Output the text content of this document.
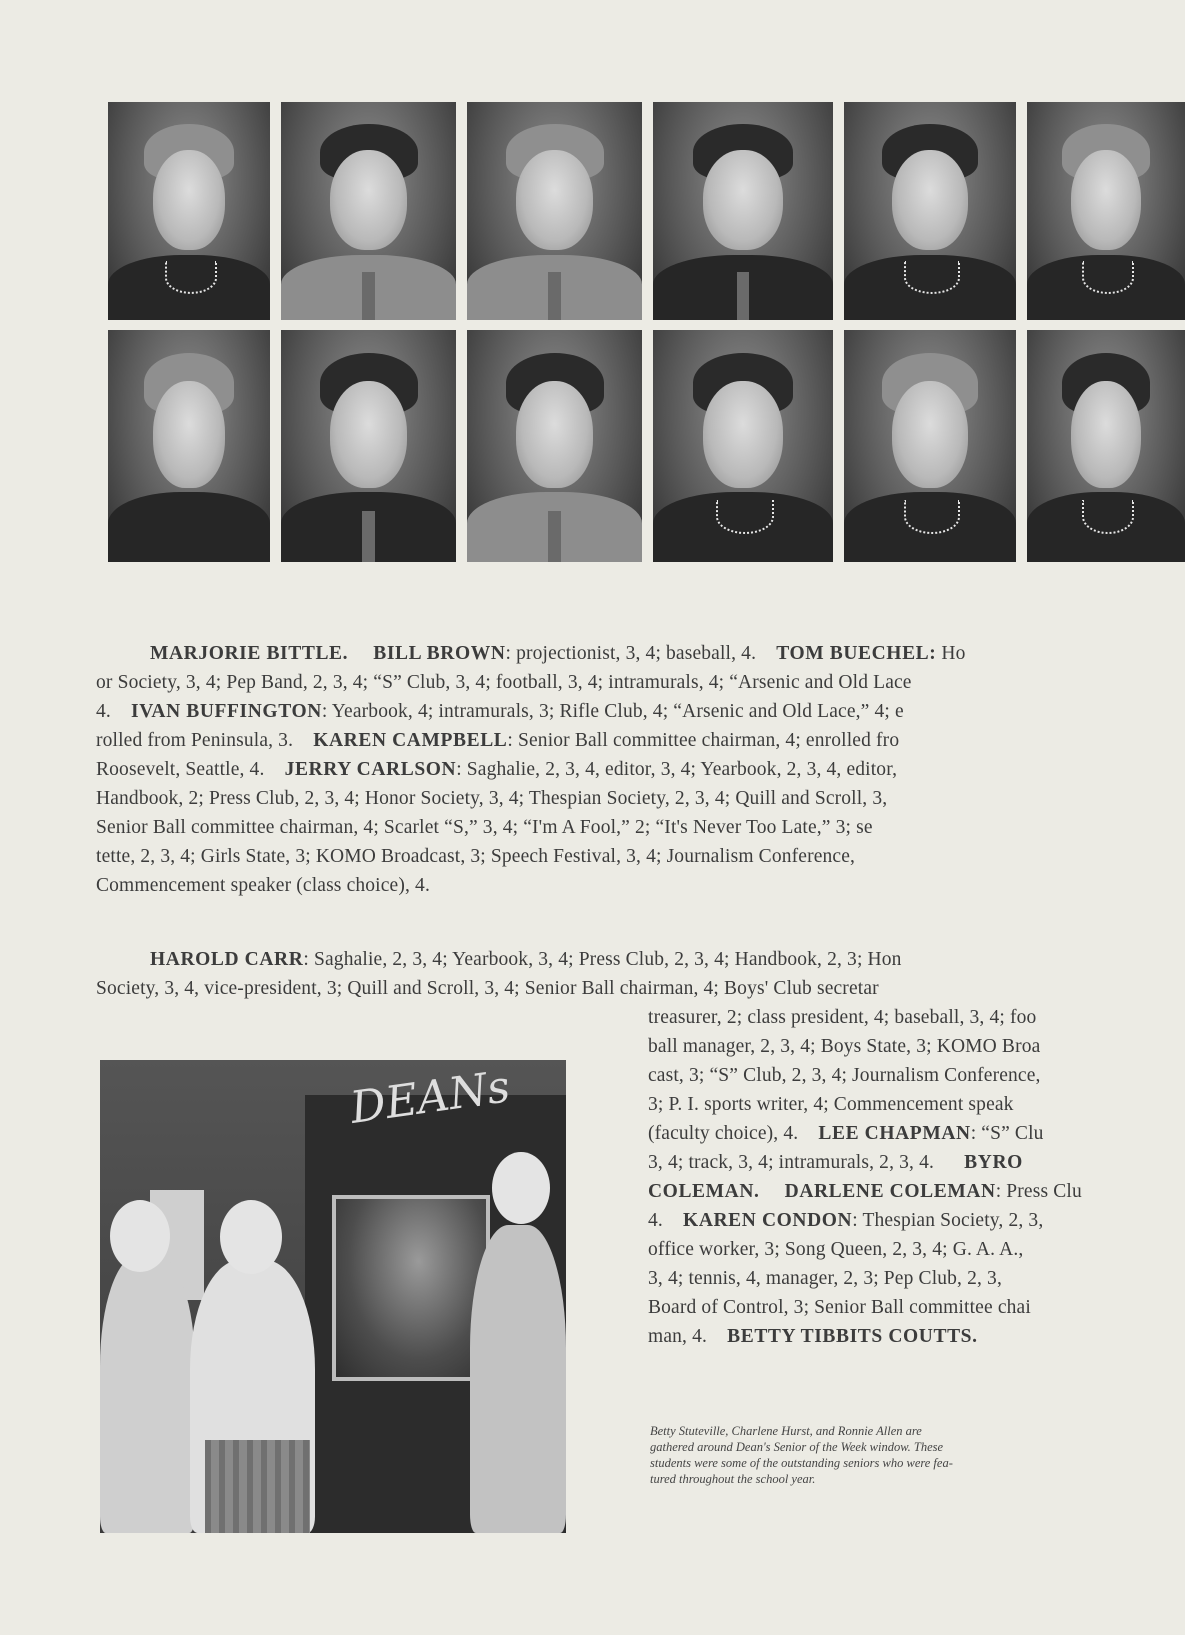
MARJORIE BITTLE. BILL BROWN: projectionist, 3, 4; baseball, 4. TOM BUECHEL: Ho
or Society, 3, 4; Pep Band, 2, 3, 4; “S” Club, 3, 4; football, 3, 4; intramurals, 4; “Arsenic and Old Lace
4. IVAN BUFFINGTON: Yearbook, 4; intramurals, 3; Rifle Club, 4; “Arsenic and Old Lace,” 4; e
rolled from Peninsula, 3. KAREN CAMPBELL: Senior Ball committee chairman, 4; enrolled fro
Roosevelt, Seattle, 4. JERRY CARLSON: Saghalie, 2, 3, 4, editor, 3, 4; Yearbook, 2, 3, 4, editor,
Handbook, 2; Press Club, 2, 3, 4; Honor Society, 3, 4; Thespian Society, 2, 3, 4; Quill and Scroll, 3,
Senior Ball committee chairman, 4; Scarlet “S,” 3, 4; “I'm A Fool,” 2; “It's Never Too Late,” 3; se
tette, 2, 3, 4; Girls State, 3; KOMO Broadcast, 3; Speech Festival, 3, 4; Journalism Conference,
Commencement speaker (class choice), 4.
HAROLD CARR: Saghalie, 2, 3, 4; Yearbook, 3, 4; Press Club, 2, 3, 4; Handbook, 2, 3; Hon
Society, 3, 4, vice-president, 3; Quill and Scroll, 3, 4; Senior Ball chairman, 4; Boys' Club secretar
treasurer, 2; class president, 4; baseball, 3, 4; foo
ball manager, 2, 3, 4; Boys State, 3; KOMO Broa
cast, 3; “S” Club, 2, 3, 4; Journalism Conference,
3; P. I. sports writer, 4; Commencement speak
(faculty choice), 4. LEE CHAPMAN: “S” Clu
3, 4; track, 3, 4; intramurals, 2, 3, 4. BYRO
COLEMAN. DARLENE COLEMAN: Press Clu
4. KAREN CONDON: Thespian Society, 2, 3,
office worker, 3; Song Queen, 2, 3, 4; G. A. A.,
3, 4; tennis, 4, manager, 2, 3; Pep Club, 2, 3,
Board of Control, 3; Senior Ball committee chai
man, 4. BETTY TIBBITS COUTTS.
DEANs
Betty Stuteville, Charlene Hurst, and Ronnie Allen are
gathered around Dean's Senior of the Week window. These
students were some of the outstanding seniors who were fea-
tured throughout the school year.
